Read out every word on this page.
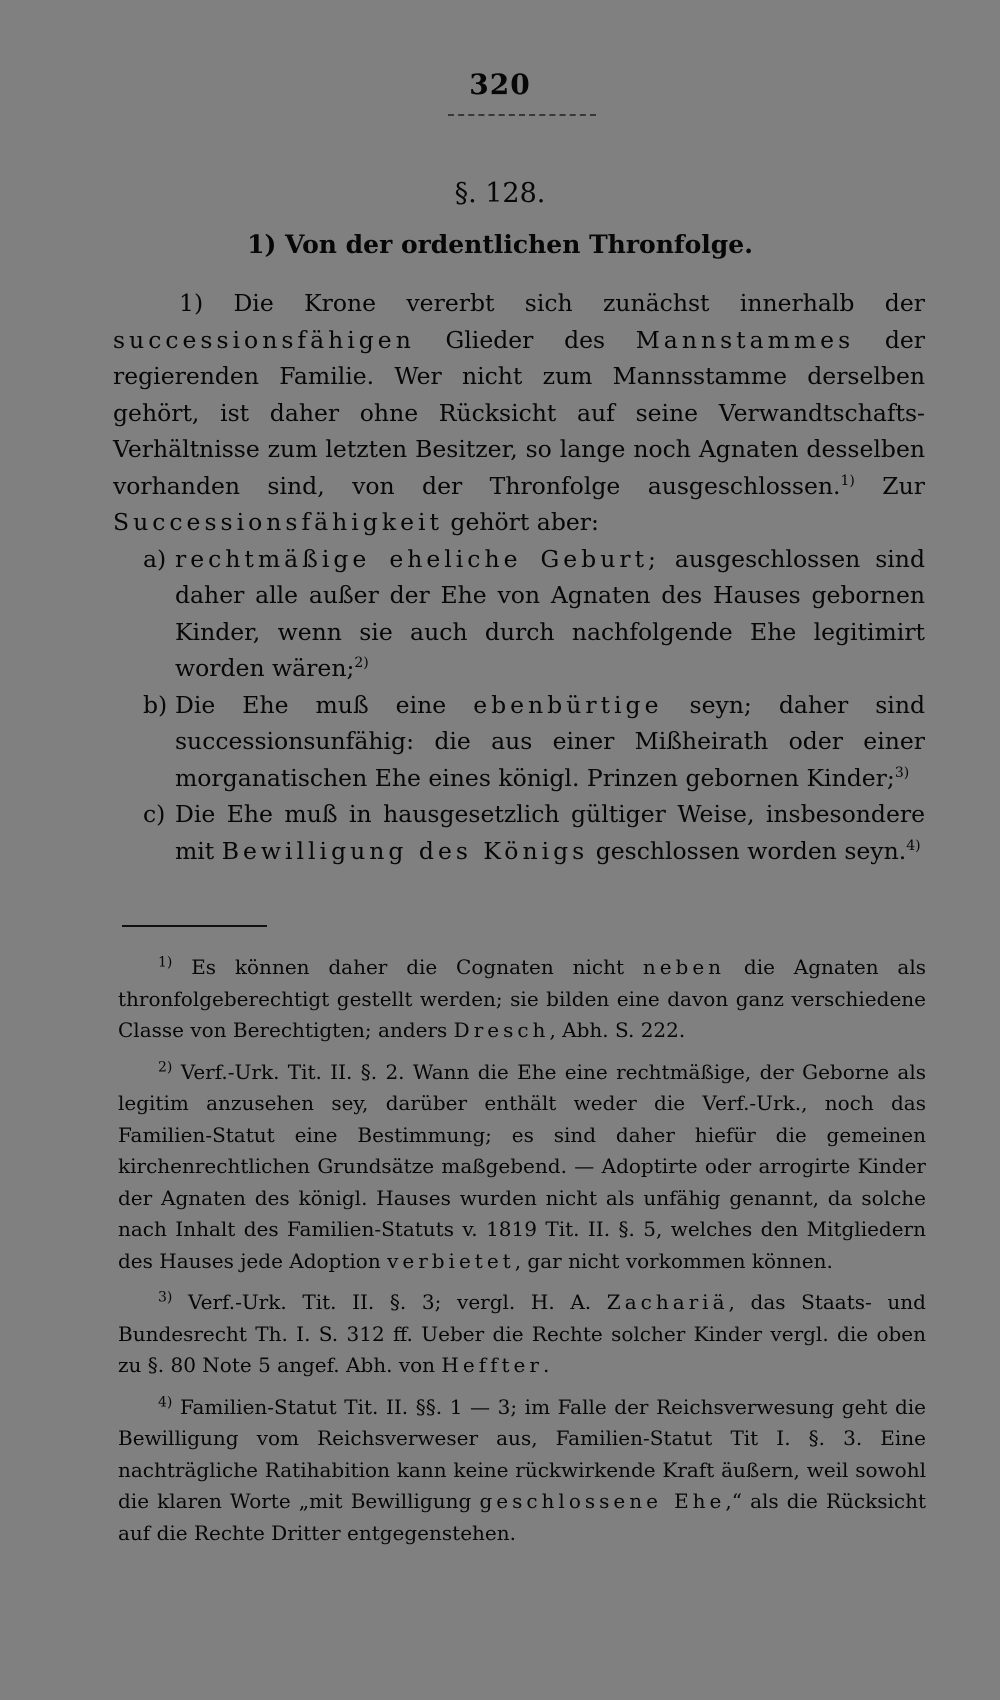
320
§. 128.
1) Von der ordentlichen Thronfolge.

1) Die Krone vererbt sich zunächst innerhalb der successionsfähigen Glieder des Mannstammes der regierenden Familie. Wer nicht zum Mannsstamme derselben gehört, ist daher ohne Rücksicht auf seine Verwandtschafts-Verhältnisse zum letzten Besitzer, so lange noch Agnaten desselben vorhanden sind, von der Thronfolge ausgeschlossen.$^{1)}$ Zur Successionsfähigkeit gehört aber:

a) rechtmäßige eheliche Geburt; ausgeschlossen sind daher alle außer der Ehe von Agnaten des Hauses gebornen Kinder, wenn sie auch durch nachfolgende Ehe legitimirt worden wären;$^{2)}$
b) Die Ehe muß eine ebenbürtige seyn; daher sind successionsunfähig: die aus einer Mißheirath oder einer morganatischen Ehe eines königl. Prinzen gebornen Kinder;$^{3)}$
c) Die Ehe muß in hausgesetzlich gültiger Weise, insbesondere mit Bewilligung des Königs geschlossen worden seyn.$^{4)}$

$^{1)}$ Es können daher die Cognaten nicht neben die Agnaten als thronfolgeberechtigt gestellt werden; sie bilden eine davon ganz verschiedene Classe von Berechtigten; anders Dresch, Abh. S. 222.

$^{2)}$ Verf.-Urk. Tit. II. §. 2. Wann die Ehe eine rechtmäßige, der Geborne als legitim anzusehen sey, darüber enthält weder die Verf.-Urk., noch das Familien-Statut eine Bestimmung; es sind daher hiefür die gemeinen kirchenrechtlichen Grundsätze maßgebend. — Adoptirte oder arrogirte Kinder der Agnaten des königl. Hauses wurden nicht als unfähig genannt, da solche nach Inhalt des Familien-Statuts v. 1819 Tit. II. §. 5, welches den Mitgliedern des Hauses jede Adoption verbietet, gar nicht vorkommen können.

$^{3)}$ Verf.-Urk. Tit. II. §. 3; vergl. H. A. Zachariä, das Staats- und Bundesrecht Th. I. S. 312 ff. Ueber die Rechte solcher Kinder vergl. die oben zu §. 80 Note 5 angef. Abh. von Heffter.

$^{4)}$ Familien-Statut Tit. II. §§. 1 — 3; im Falle der Reichsverwesung geht die Bewilligung vom Reichsverweser aus, Familien-Statut Tit I. §. 3. Eine nachträgliche Ratihabition kann keine rückwirkende Kraft äußern, weil sowohl die klaren Worte „mit Bewilligung geschlossene Ehe,“ als die Rücksicht auf die Rechte Dritter entgegenstehen.
